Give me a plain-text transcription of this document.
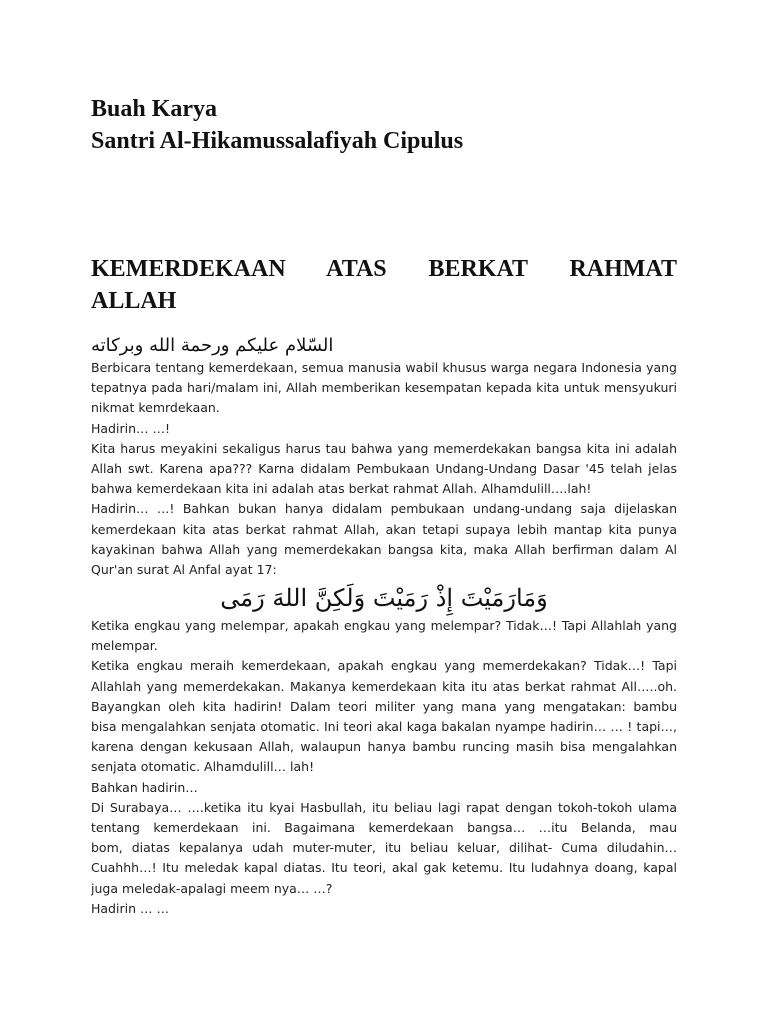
Buah Karya
Santri Al-Hikamussalafiyah Cipulus
KEMERDEKAAN ATAS BERKAT RAHMAT
ALLAH
السّلام عليكم ورحمة الله وبركاته
Berbicara tentang kemerdekaan, semua manusia wabil khusus warga negara Indonesia yang
tepatnya pada hari/malam ini, Allah memberikan kesempatan kepada kita untuk mensyukuri
nikmat kemrdekaan.
Hadirin… …!
Kita harus meyakini sekaligus harus tau bahwa yang memerdekakan bangsa kita ini adalah
Allah swt. Karena apa??? Karna didalam Pembukaan Undang-Undang Dasar '45 telah jelas
bahwa kemerdekaan kita ini adalah atas berkat rahmat Allah. Alhamdulill….lah!
Hadirin… …! Bahkan bukan hanya didalam pembukaan undang-undang saja dijelaskan
kemerdekaan kita atas berkat rahmat Allah, akan tetapi supaya lebih mantap kita punya
kayakinan bahwa Allah yang memerdekakan bangsa kita, maka Allah berfirman dalam Al
Qur'an surat Al Anfal ayat 17:
وَمَارَمَيْتَ إِذْ رَمَيْتَ وَلَكِنَّ اللهَ رَمَى
Ketika engkau yang melempar, apakah engkau yang melempar? Tidak…! Tapi Allahlah yang
melempar.
Ketika engkau meraih kemerdekaan, apakah engkau yang memerdekakan? Tidak…! Tapi
Allahlah yang memerdekakan. Makanya kemerdekaan kita itu atas berkat rahmat All…..oh.
Bayangkan oleh kita hadirin! Dalam teori militer yang mana yang mengatakan: bambu
bisa mengalahkan senjata otomatic. Ini teori akal kaga bakalan nyampe hadirin… … ! tapi…,
karena dengan kekusaan Allah, walaupun hanya bambu runcing masih bisa mengalahkan
senjata otomatic. Alhamdulill… lah!
Bahkan hadirin…
Di Surabaya… ….ketika itu kyai Hasbullah, itu beliau lagi rapat dengan tokoh-tokoh ulama
tentang kemerdekaan ini. Bagaimana kemerdekaan bangsa… …itu Belanda, mau
bom, diatas kepalanya udah muter-muter, itu beliau keluar, dilihat- Cuma diludahin…
Cuahhh…! Itu meledak kapal diatas. Itu teori, akal gak ketemu. Itu ludahnya doang, kapal
juga meledak-apalagi meem nya… …?
Hadirin … …
